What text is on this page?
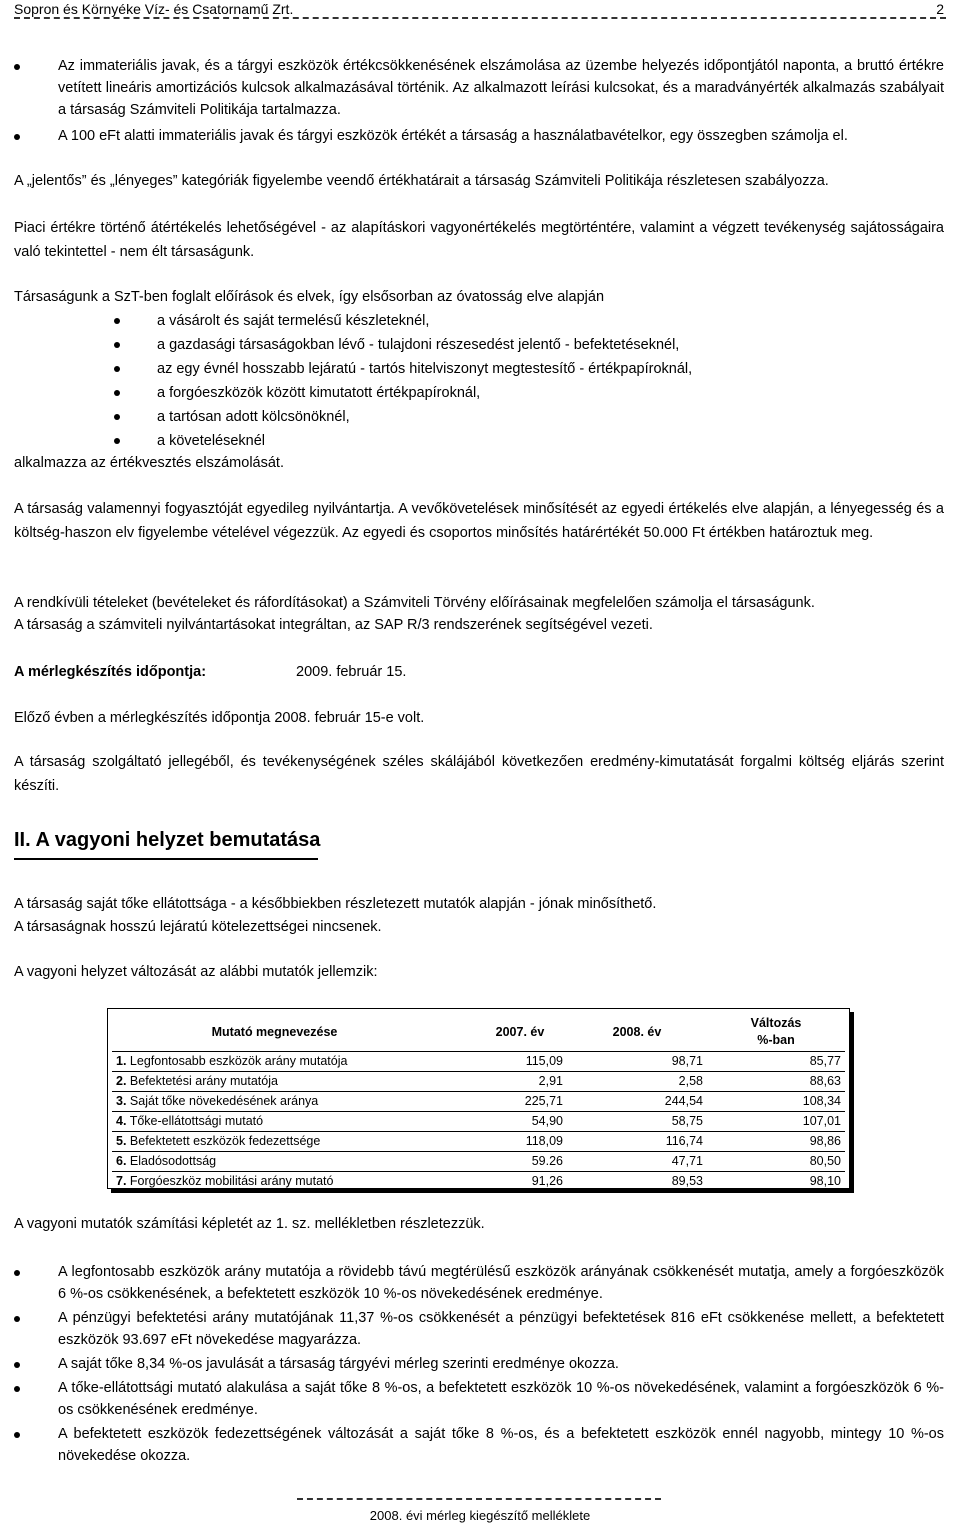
Sopron és Környéke Víz- és Csatornamű Zrt.	2
Az immateriális javak, és a tárgyi eszközök értékcsökkenésének elszámolása az üzembe helyezés időpontjától naponta, a bruttó értékre vetített lineáris amortizációs kulcsok alkalmazásával történik. Az alkalmazott leírási kulcsokat, és a maradványérték alkalmazás szabályait a társaság Számviteli Politikája tartalmazza.
A 100 eFt alatti immateriális javak és tárgyi eszközök értékét a társaság a használatbavételkor, egy összegben számolja el.
A „jelentős” és „lényeges” kategóriák figyelembe veendő értékhatárait a társaság Számviteli Politikája részletesen szabályozza.
Piaci értékre történő átértékelés lehetőségével - az alapításkori vagyonértékelés megtörténtére, valamint a végzett tevékenység sajátosságaira való tekintettel - nem élt társaságunk.
Társaságunk a SzT-ben foglalt előírások és elvek, így elsősorban az óvatosság elve alapján
a vásárolt és saját termelésű készleteknél,
a gazdasági társaságokban lévő - tulajdoni részesedést jelentő - befektetéseknél,
az egy évnél hosszabb lejáratú - tartós hitelviszonyt megtestesítő - értékpapíroknál,
a forgóeszközök között kimutatott értékpapíroknál,
a tartósan adott kölcsönöknél,
a követeléseknél
alkalmazza az értékvesztés elszámolását.
A társaság valamennyi fogyasztóját egyedileg nyilvántartja. A vevőkövetelések minősítését az egyedi értékelés elve alapján, a lényegesség és a költség-haszon elv figyelembe vételével végezzük. Az egyedi és csoportos minősítés határértékét 50.000 Ft értékben határoztuk meg.
A rendkívüli tételeket (bevételeket és ráfordításokat) a Számviteli Törvény előírásainak megfelelően számolja el társaságunk.
A társaság a számviteli nyilvántartásokat integráltan, az SAP R/3 rendszerének segítségével vezeti.
A mérlegkészítés időpontja:	2009. február 15.
Előző évben a mérlegkészítés időpontja 2008. február 15-e volt.
A társaság szolgáltató jellegéből, és tevékenységének széles skálájából következően eredmény-kimutatását forgalmi költség eljárás szerint készíti.
II. A vagyoni helyzet bemutatása
A társaság saját tőke ellátottsága - a későbbiekben részletezett mutatók alapján - jónak minősíthető.
A társaságnak hosszú lejáratú kötelezettségei nincsenek.
A vagyoni helyzet változását az alábbi mutatók jellemzik:
Mutató megnevezése	2007. év	2008. év	Változás
%-ban

1. Legfontosabb eszközök arány mutatója	115,09	98,71	85,77
2. Befektetési arány mutatója	2,91	2,58	88,63
3. Saját tőke növekedésének aránya	225,71	244,54	108,34
4. Tőke-ellátottsági mutató	54,90	58,75	107,01
5. Befektetett eszközök fedezettsége	118,09	116,74	98,86
6. Eladósodottság	59.26	47,71	80,50
7. Forgóeszköz mobilitási arány mutató	91,26	89,53	98,10
A vagyoni mutatók számítási képletét az 1. sz. mellékletben részletezzük.
A legfontosabb eszközök arány mutatója a rövidebb távú megtérülésű eszközök arányának csökkenését mutatja, amely a forgóeszközök 6 %-os csökkenésének, a befektetett eszközök 10 %-os növekedésének eredménye.
A pénzügyi befektetési arány mutatójának 11,37 %-os csökkenését a pénzügyi befektetések 816 eFt csökkenése mellett, a befektetett eszközök 93.697 eFt növekedése magyarázza.
A saját tőke 8,34 %-os javulását a társaság tárgyévi mérleg szerinti eredménye okozza.
A tőke-ellátottsági mutató alakulása a saját tőke 8 %-os, a befektetett eszközök 10 %-os növekedésének, valamint a forgóeszközök 6 %-os csökkenésének eredménye.
A befektetett eszközök fedezettségének változását a saját tőke 8 %-os, és a befektetett eszközök ennél nagyobb, mintegy 10 %-os növekedése okozza.
2008. évi mérleg kiegészítő melléklete
